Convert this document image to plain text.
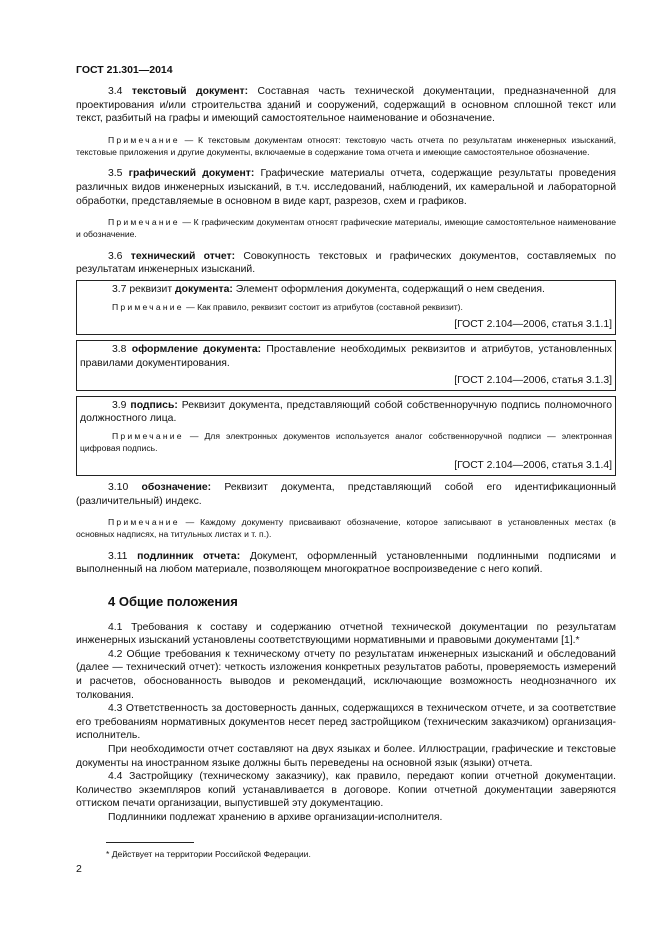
ГОСТ 21.301—2014

3.4 текстовый документ: Составная часть технической документации, предназначенной для проектирования и/или строительства зданий и сооружений, содержащий в основном сплошной текст или текст, разбитый на графы и имеющий самостоятельное наименование и обозначение.

Примечание — К текстовым документам относят: текстовую часть отчета по результатам инженерных изысканий, текстовые приложения и другие документы, включаемые в содержание тома отчета и имеющие самостоятельное обозначение.

3.5 графический документ: Графические материалы отчета, содержащие результаты проведения различных видов инженерных изысканий, в т.ч. исследований, наблюдений, их камеральной и лабораторной обработки, представляемые в основном в виде карт, разрезов, схем и графиков.

Примечание — К графическим документам относят графические материалы, имеющие самостоятельное наименование и обозначение.

3.6 технический отчет: Совокупность текстовых и графических документов, составляемых по результатам инженерных изысканий.

3.7 реквизит документа: Элемент оформления документа, содержащий о нем сведения.

Примечание — Как правило, реквизит состоит из атрибутов (составной реквизит).

[ГОСТ 2.104—2006, статья 3.1.1]

3.8 оформление документа: Проставление необходимых реквизитов и атрибутов, установленных правилами документирования.

[ГОСТ 2.104—2006, статья 3.1.3]

3.9 подпись: Реквизит документа, представляющий собой собственноручную подпись полномочного должностного лица.

Примечание — Для электронных документов используется аналог собственноручной подписи — электронная цифровая подпись.

[ГОСТ 2.104—2006, статья 3.1.4]

3.10 обозначение: Реквизит документа, представляющий собой его идентификационный (различительный) индекс.

Примечание — Каждому документу присваивают обозначение, которое записывают в установленных местах (в основных надписях, на титульных листах и т. п.).

3.11 подлинник отчета: Документ, оформленный установленными подлинными подписями и выполненный на любом материале, позволяющем многократное воспроизведение с него копий.

4 Общие положения

4.1 Требования к составу и содержанию отчетной технической документации по результатам инженерных изысканий установлены соответствующими нормативными и правовыми документами [1].*

4.2 Общие требования к техническому отчету по результатам инженерных изысканий и обследований (далее — технический отчет): четкость изложения конкретных результатов работы, проверяемость измерений и расчетов, обоснованность выводов и рекомендаций, исключающие возможность неоднозначного их толкования.

4.3 Ответственность за достоверность данных, содержащихся в техническом отчете, и за соответствие его требованиям нормативных документов несет перед застройщиком (техническим заказчиком) организация-исполнитель.

При необходимости отчет составляют на двух языках и более. Иллюстрации, графические и текстовые документы на иностранном языке должны быть переведены на основной язык (языки) отчета.

4.4 Застройщику (техническому заказчику), как правило, передают копии отчетной документации. Количество экземпляров копий устанавливается в договоре. Копии отчетной документации заверяются оттиском печати организации, выпустившей эту документацию.

Подлинники подлежат хранению в архиве организации-исполнителя.

* Действует на территории Российской Федерации.
2
